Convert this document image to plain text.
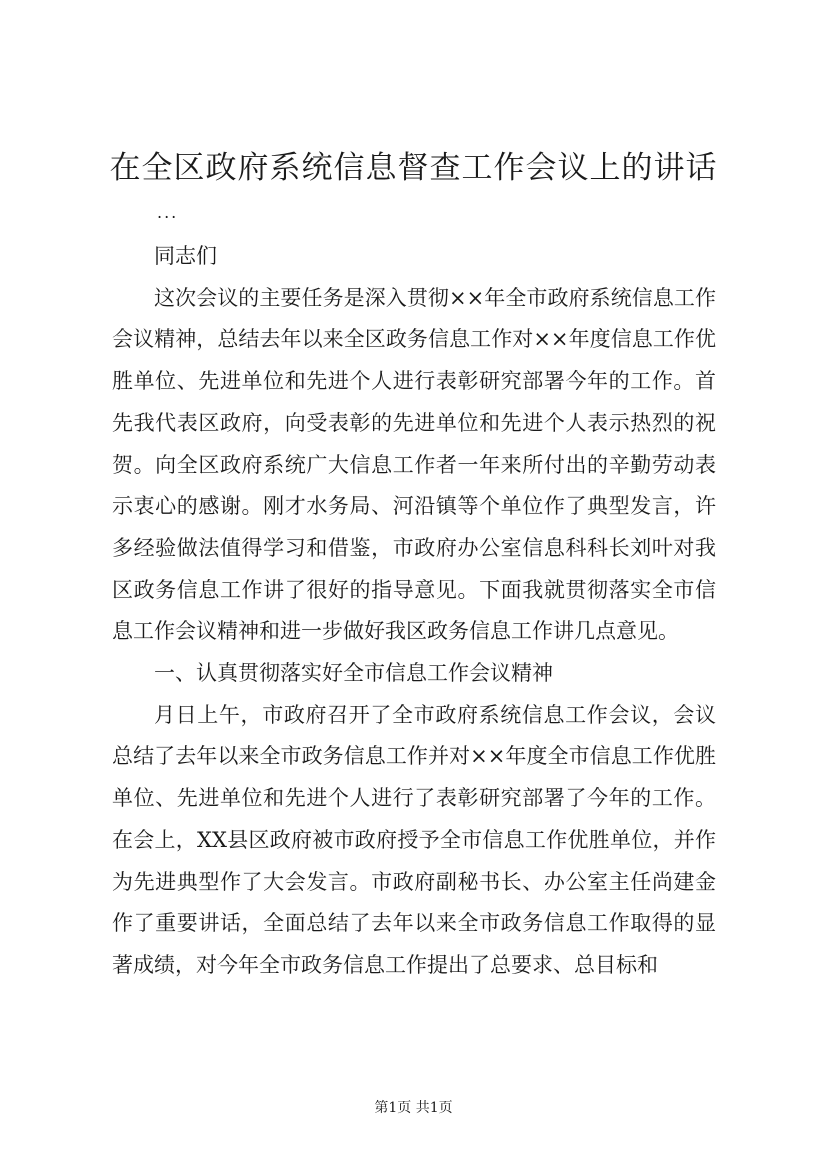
在全区政府系统信息督查工作会议上的讲话
...

同志们

这次会议的主要任务是深入贯彻××年全市政府系统信息工作会议精神，总结去年以来全区政务信息工作对××年度信息工作优胜单位、先进单位和先进个人进行表彰研究部署今年的工作。首先我代表区政府，向受表彰的先进单位和先进个人表示热烈的祝贺。向全区政府系统广大信息工作者一年来所付出的辛勤劳动表示衷心的感谢。刚才水务局、河沿镇等个单位作了典型发言，许多经验做法值得学习和借鉴，市政府办公室信息科科长刘叶对我区政务信息工作讲了很好的指导意见。下面我就贯彻落实全市信息工作会议精神和进一步做好我区政务信息工作讲几点意见。

一、认真贯彻落实好全市信息工作会议精神

月日上午，市政府召开了全市政府系统信息工作会议，会议总结了去年以来全市政务信息工作并对××年度全市信息工作优胜单位、先进单位和先进个人进行了表彰研究部署了今年的工作。在会上，XX县区政府被市政府授予全市信息工作优胜单位，并作为先进典型作了大会发言。市政府副秘书长、办公室主任尚建金作了重要讲话，全面总结了去年以来全市政务信息工作取得的显著成绩，对今年全市政务信息工作提出了总要求、总目标和

第1页 共1页
